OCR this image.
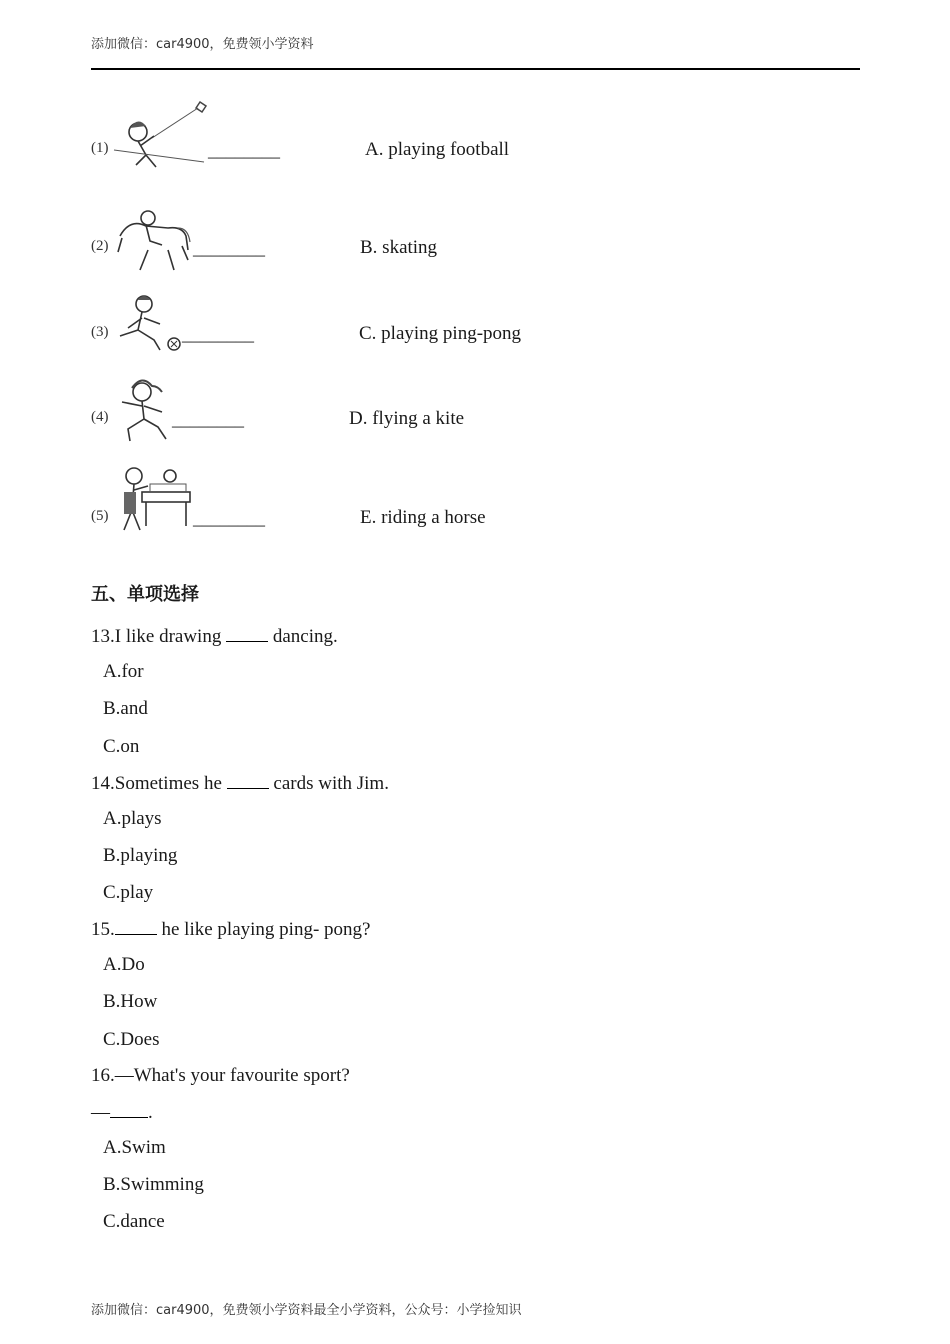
添加微信：car4900，免费领小学资料
(1)	________	A. playing football
(2)	________	B. skating
(3)	________	C. playing ping-pong
(4)	________	D. flying a kite
(5)	________	E. riding a horse
五、单项选择
13.I like drawing  dancing.
A.for
B.and
C.on
14.Sometimes he  cards with Jim.
A.plays
B.playing
C.play
15. he like playing ping- pong?
A.Do
B.How
C.Does
16.—What's your favourite sport?
— .
A.Swim
B.Swimming
C.dance
添加微信：car4900，免费领小学资料最全小学资料，公众号：小学捡知识
